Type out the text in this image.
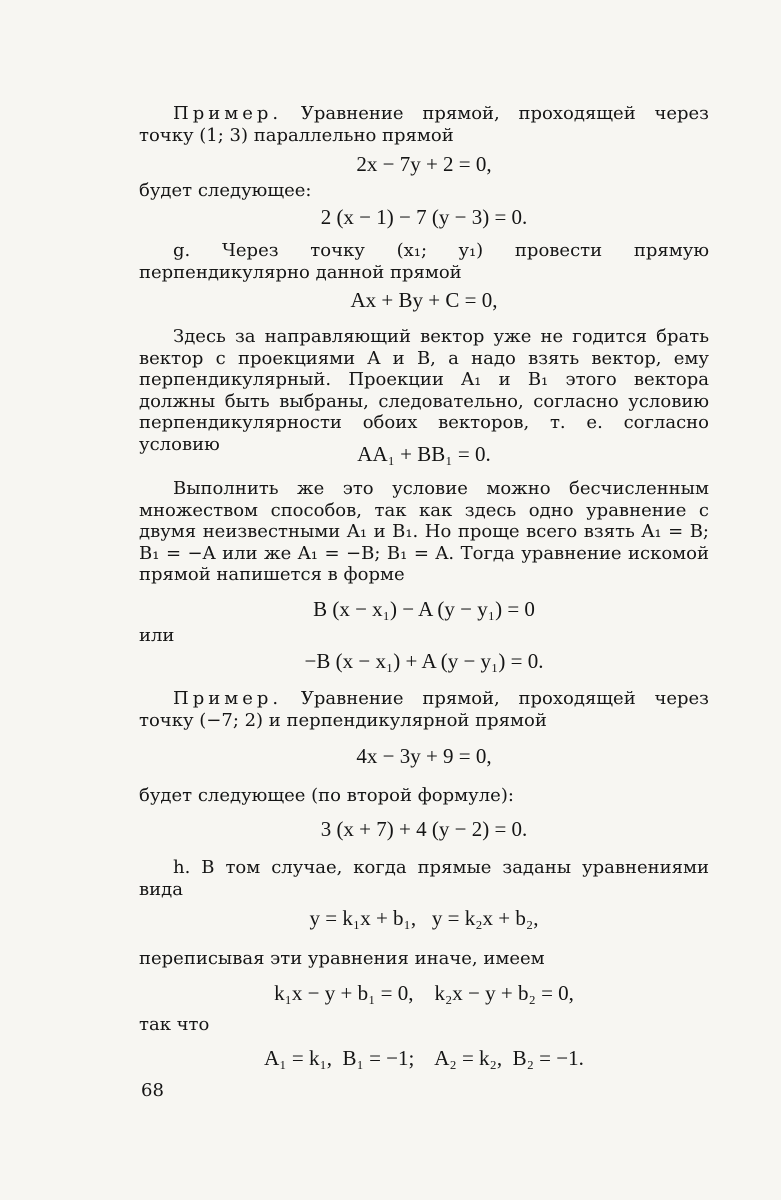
Пример. Уравнение прямой, проходящей через точку (1; 3) параллельно прямой

2x − 7y + 2 = 0,

будет следующее:

2 (x − 1) − 7 (y − 3) = 0.

g. Через точку (x₁; y₁) провести прямую перпендикулярно данной прямой

Ax + By + C = 0,

Здесь за направляющий вектор уже не годится брать вектор с проекциями A и B, а надо взять вектор, ему перпендикулярный. Проекции A₁ и B₁ этого вектора должны быть выбраны, следовательно, согласно условию перпендикулярности обоих векторов, т. е. согласно условию	AA₁ + BB₁ = 0.

Выполнить же это условие можно бесчисленным множеством способов, так как здесь одно уравнение с двумя неизвестными A₁ и B₁. Но проще всего взять A₁ = B; B₁ = −A или же A₁ = −B; B₁ = A. Тогда уравнение искомой прямой напишется в форме

B (x − x₁) − A (y − y₁) = 0
или
−B (x − x₁) + A (y − y₁) = 0.

Пример. Уравнение прямой, проходящей через точку (−7; 2) и перпендикулярной прямой

4x − 3y + 9 = 0,

будет следующее (по второй формуле):

3 (x + 7) + 4 (y − 2) = 0.

h. В том случае, когда прямые заданы уравнениями вида

y = k₁x + b₁,   y = k₂x + b₂,

переписывая эти уравнения иначе, имеем

k₁x − y + b₁ = 0,    k₂x − y + b₂ = 0,
так что
A₁ = k₁,  B₁ = −1;    A₂ = k₂,  B₂ = −1.
68
